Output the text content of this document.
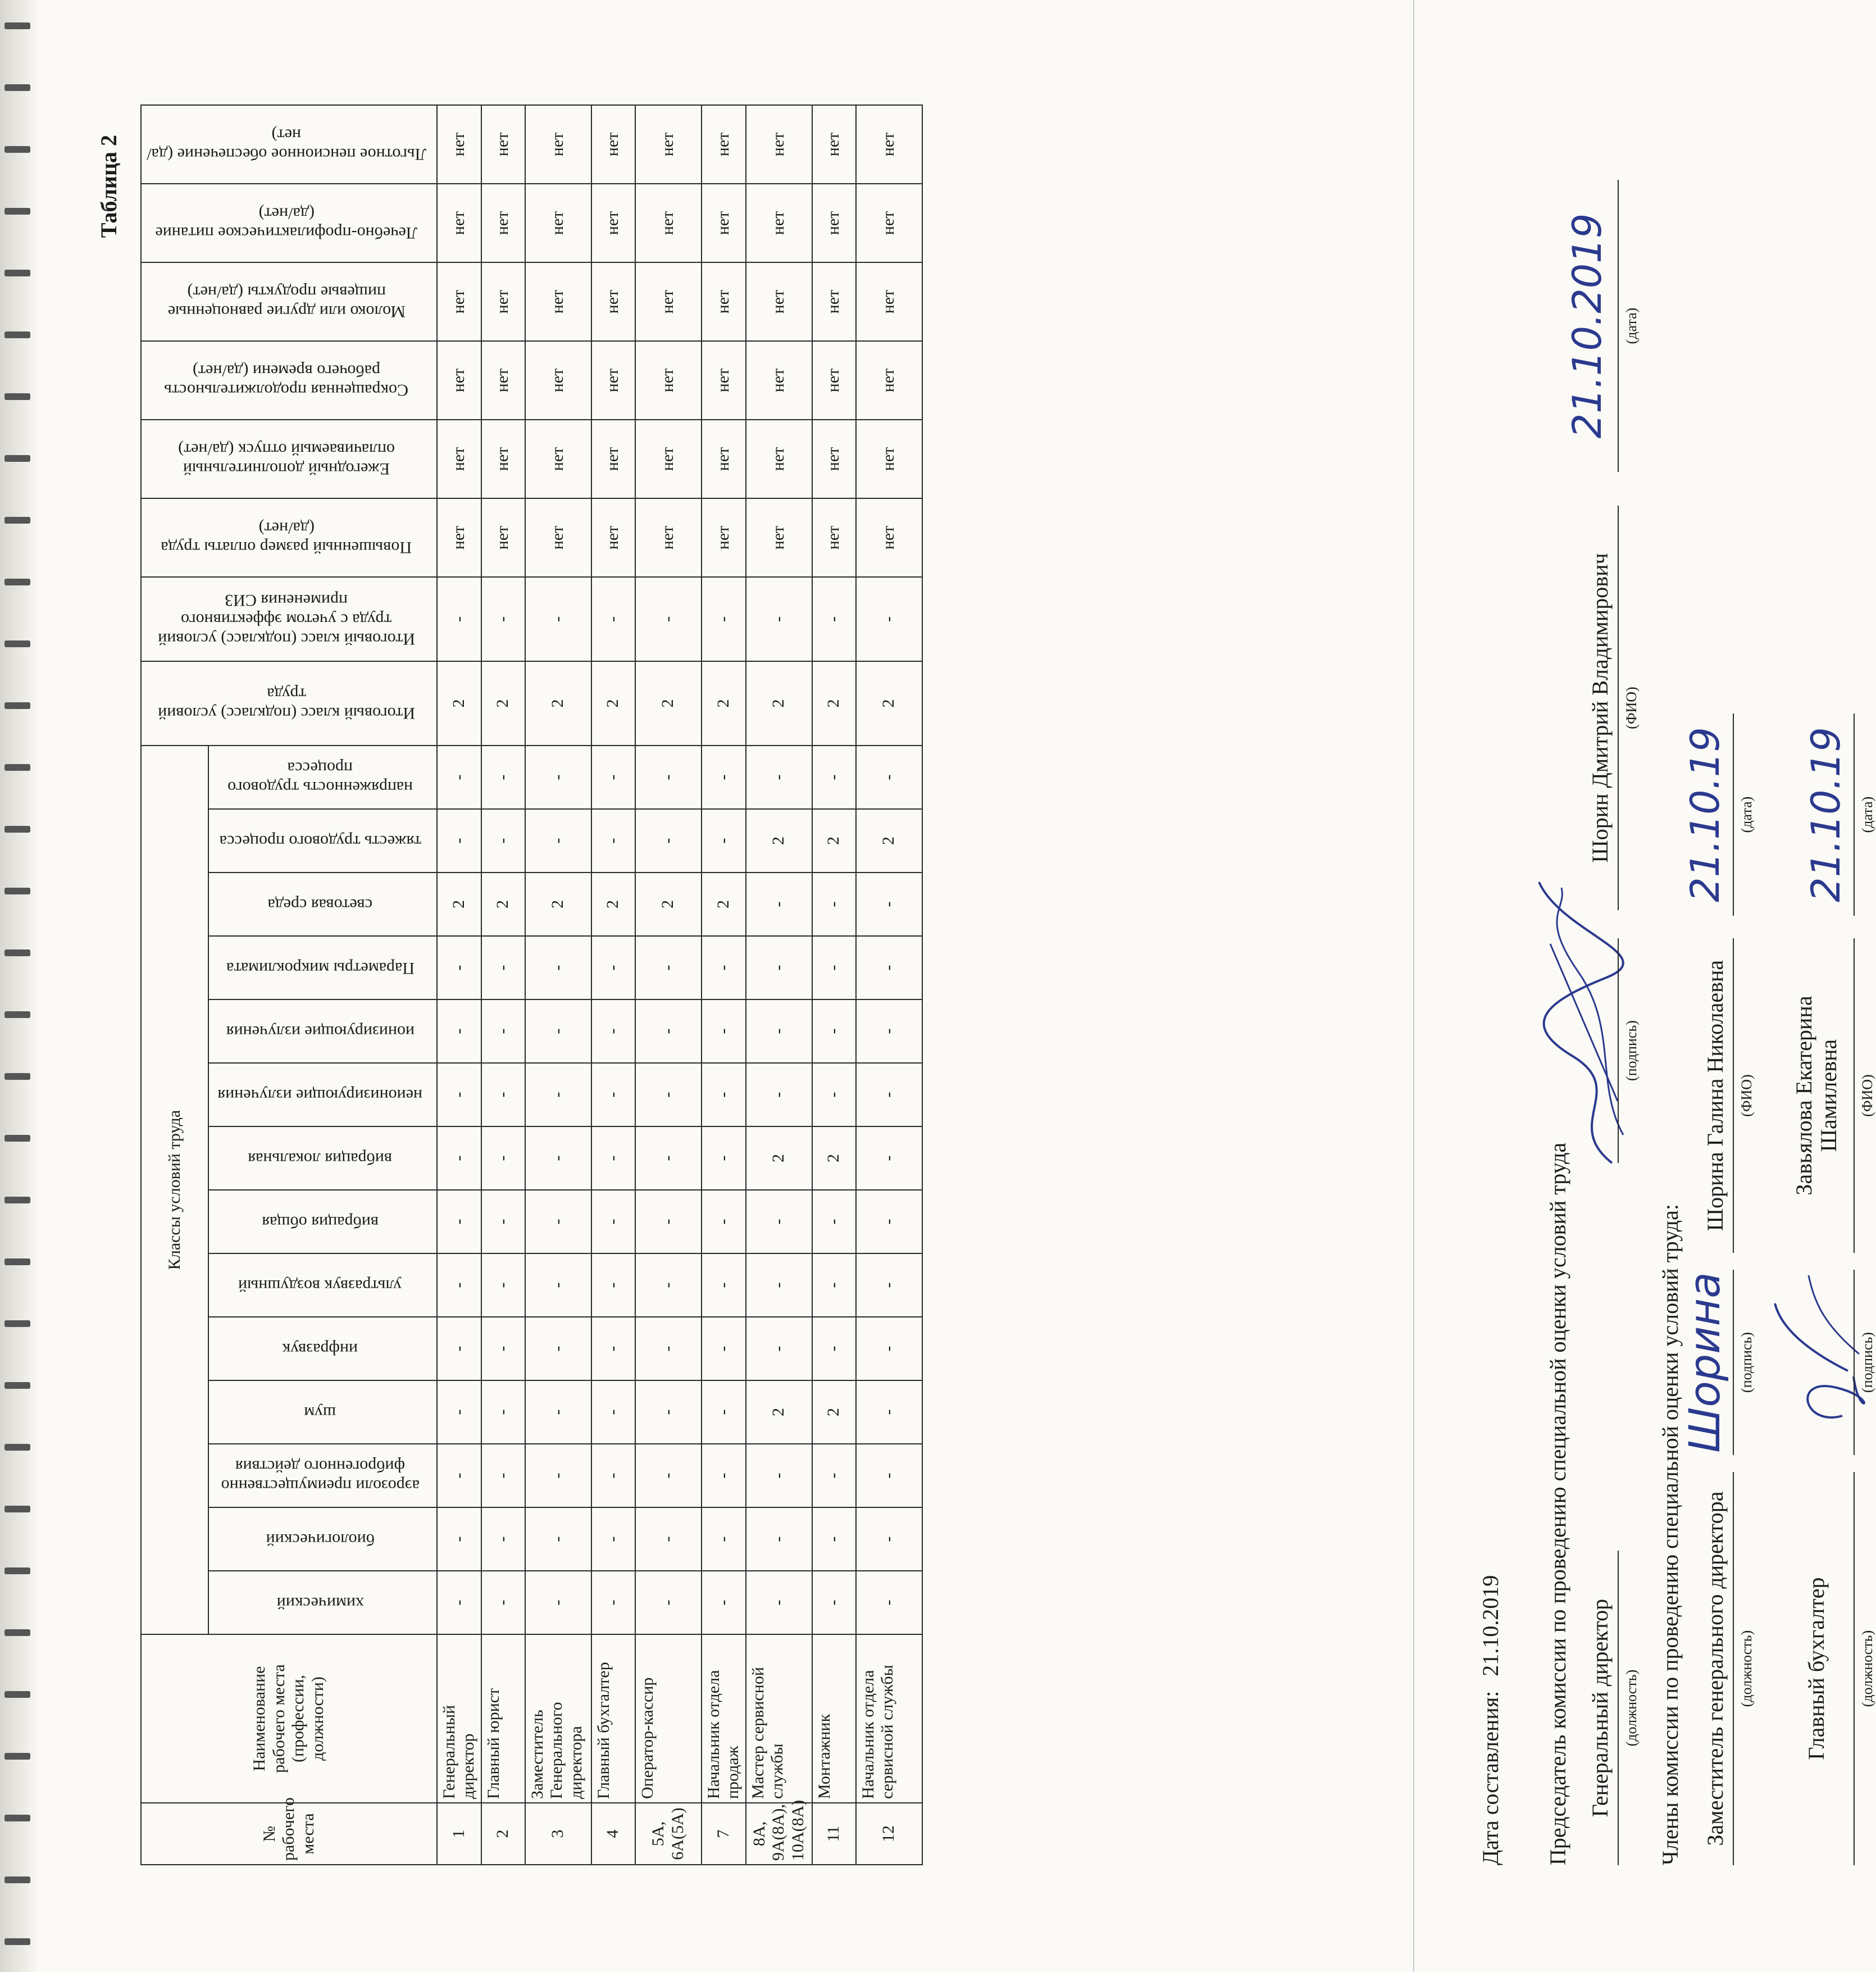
Таблица 2
№ рабочего места	Наименование рабочего места (профессии, должности)	Классы условий труда														Итоговый класс (подкласс) условий труда	Итоговый класс (подкласс) условий труда с учетом эффективного применения СИЗ	Повышенный размер оплаты труда (да/нет)	Ежегодный дополнительный оплачиваемый отпуск (да/нет)	Сокращенная продолжительность рабочего времени (да/нет)	Молоко или другие равноценные пищевые продукты (да/нет)	Лечебно-профилактическое питание (да/нет)	Льготное пенсионное обеспечение (да/нет)
		химический	биологический	аэрозоли преимущественно фиброгенного действия	шум	инфразвук	ультразвук воздушный	вибрация общая	вибрация локальная	неионизирующие излучения	ионизирующие излучения	Параметры микроклимата	световая среда	тяжесть трудового процесса	напряженность трудового процесса								
1	Генеральный директор	-	-	-	-	-	-	-	-	-	-	-	2	-	-	2	-	нет	нет	нет	нет	нет	нет
2	Главный юрист	-	-	-	-	-	-	-	-	-	-	-	2	-	-	2	-	нет	нет	нет	нет	нет	нет
3	Заместитель Генерального директора	-	-	-	-	-	-	-	-	-	-	-	2	-	-	2	-	нет	нет	нет	нет	нет	нет
4	Главный бухгалтер	-	-	-	-	-	-	-	-	-	-	-	2	-	-	2	-	нет	нет	нет	нет	нет	нет
5А, 6А(5А)	Оператор-кассир	-	-	-	-	-	-	-	-	-	-	-	2	-	-	2	-	нет	нет	нет	нет	нет	нет
7	Начальник отдела продаж	-	-	-	-	-	-	-	-	-	-	-	2	-	-	2	-	нет	нет	нет	нет	нет	нет
8А, 9А(8А), 10А(8А)	Мастер сервисной службы	-	-	-	2	-	-	-	2	-	-	-	-	2	-	2	-	нет	нет	нет	нет	нет	нет
11	Монтажник	-	-	-	2	-	-	-	2	-	-	-	-	2	-	2	-	нет	нет	нет	нет	нет	нет
12	Начальник отдела сервисной службы	-	-	-	-	-	-	-	-	-	-	-	-	2	-	2	-	нет	нет	нет	нет	нет	нет
Дата составления: 21.10.2019 Председатель комиссии по проведению специальной оценки условий труда Генеральный директор (должность)
(подпись)
Шорин Дмитрий Владимирович (ФИО)
21.10.2019 (дата)
Члены комиссии по проведению специальной оценки условий труда: Заместитель генерального директора (должность)
Шорина (подпись)
Шорина Галина Николаевна (ФИО)
21.10.19 (дата)
Главный бухгалтер (должность)
(подпись)
Завьялова Екатерина Шамилевна (ФИО)
21.10.19 (дата)
